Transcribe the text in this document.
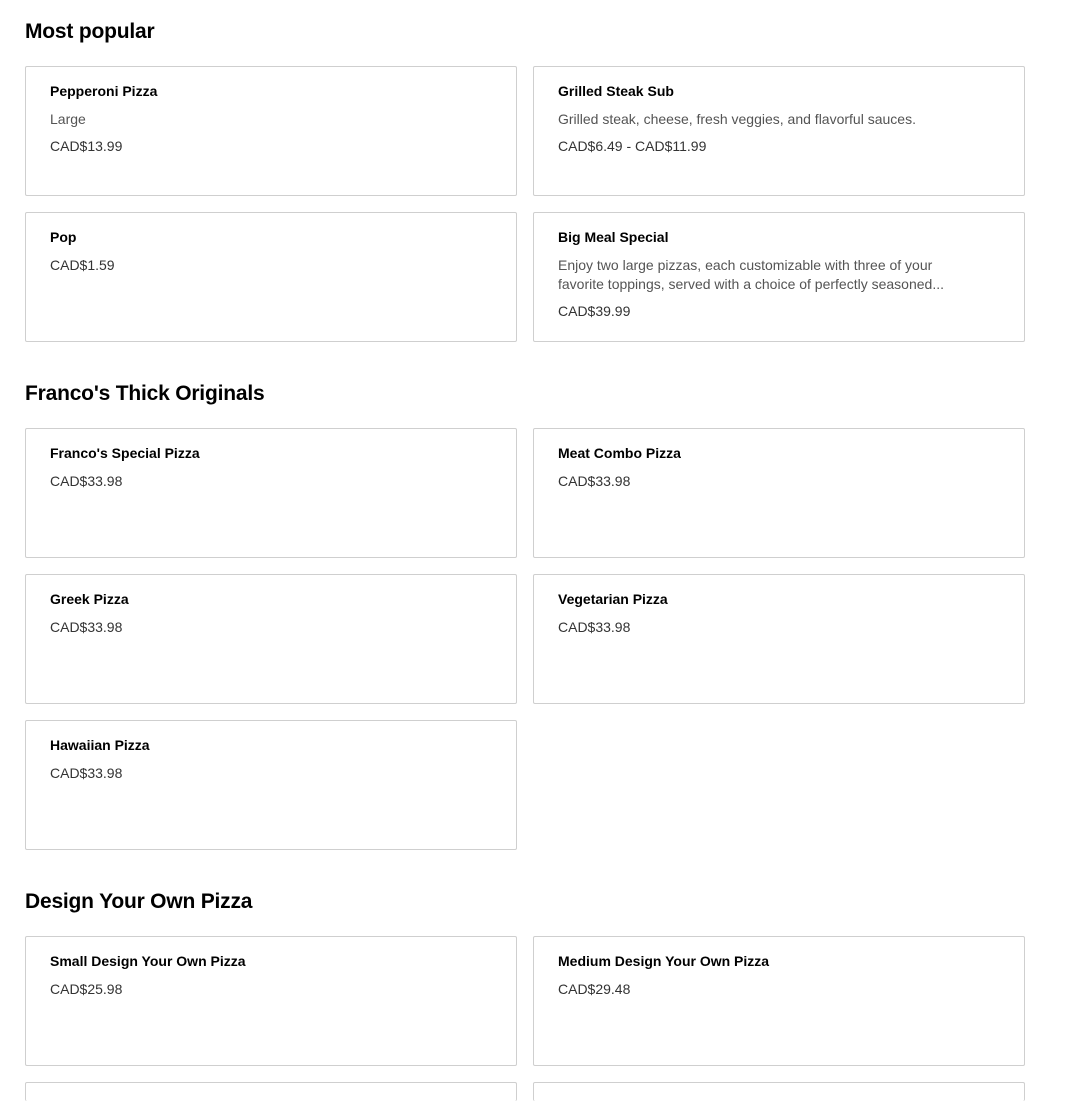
Most popular
Pepperoni Pizza
Large
CAD$13.99
Grilled Steak Sub
Grilled steak, cheese, fresh veggies, and flavorful sauces.
CAD$6.49 - CAD$11.99
Pop
CAD$1.59
Big Meal Special
Enjoy two large pizzas, each customizable with three of your favorite toppings, served with a choice of perfectly seasoned...
CAD$39.99
Franco's Thick Originals
Franco's Special Pizza
CAD$33.98
Meat Combo Pizza
CAD$33.98
Greek Pizza
CAD$33.98
Vegetarian Pizza
CAD$33.98
Hawaiian Pizza
CAD$33.98
Design Your Own Pizza
Small Design Your Own Pizza
CAD$25.98
Medium Design Your Own Pizza
CAD$29.48
